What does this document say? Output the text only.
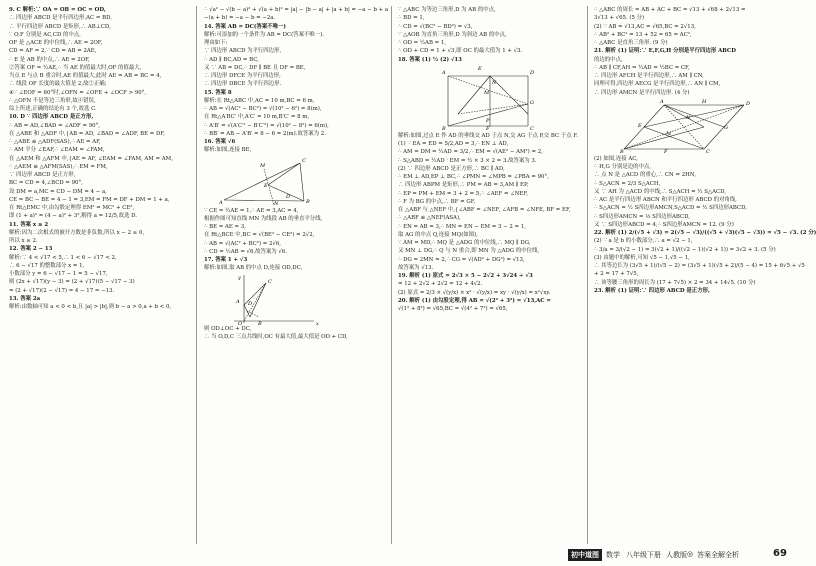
9. C 解析:∵ OA = OB = OC = OD,
∴ 四边形 ABCD 是平行四边形,AC = BD,
∴ 平行四边形 ABCD 是矩形,∴ AB⊥CD,
∵ O,F 分别是 AC,CD 的中点,
OF 是 △ACE 的中位线,∴ AE = 2OF,
CD = AF = 2,∵ CD = AB = 2AE,
∴ E 是 AB 的中点,∴ AE = 2OF,
②答案 OF = ½AE,∴ 当 AE 的值最大时,OF 的值最大,
当点 E 与点 B 重合时,AE 的值最大,此时 AE = AB = BC = 4,
∴ 线段 OF 长度的最大值是 2,故②正确;
④∵ ∠EOF = 60°时,∠OFN = ∠OFE + ∠OCF > 90°,
∴ △OFN 不是等边三角形,故④错误,
综上所述,正确的结论有 3 个,故选 C.
10. D ∵ 四边形 ABCD 是正方形,
∴ AB = AD,∠BAD = ∠ADF = 90°,
在 △ABE 和 △ADF 中,{AB = AD, ∠BAD = ∠ADF, BE = DF,
∴ △ABE ≌ △ADF(SAS),∴ AE = AF,
∴ AM 平分 ∠EAF,∴ ∠EAM = ∠FAM,
在 △AEM 和 △AFM 中,{AE = AF, ∠EAM = ∠FAM, AM = AM,
∴ △AEM ≌ △AFM(SAS),∴ EM = FM,
∵ 四边形 ABCD 是正方形,
BC = CD = 4,∠BCD = 90°,
设 DM = a,MC = CD − DM = 4 − a,
CE = BC − BE = 4 − 1 = 3,EM = FM = DF + DM = 1 + a,
在 Rt△EMC 中,由勾股定理得 EM² = MC² + CE²,
即 (1 + a)² = (4 − a)² + 3²,解得 a = 12/5,故选 D.
11. 答案 x ≥ 2
解析:因为二次根式的被开方数是非负数,所以 x − 2 ≥ 0,
所以 x ≥ 2.
12. 答案 2 − 13
解析:∵ 4 < √17 < 5,∴ 1 < 6 − √17 < 2,
∴ 6 − √17 的整数部分 x = 1,
小数部分 y = 6 − √17 − 1 = 5 − √17,
则 (2x + √17)(y − 3) = (2 + √17)(5 − √17 − 3)
= (2 + √17)(2 − √17) = 4 − 17 = −13.
13. 答案 2a
解析:由数轴可知 a < 0 < b,且 |a| > |b|,则 b − a > 0,a + b < 0,
∴ √a² − √(b − a)² + √(a + b)² = |a| − |b − a| + |a + b| = −a − b + a
−(a + b) = −a − b = −2a.
14. 答案 AB = DC(答案不唯一)
解析:可添加的一个条件为 AB = DC(答案不唯一).
理由如下:
∵ 四边形 ABCD 为平行四边形,
∴ AD ∥ BC,AD = BC,
又 ∵ AB = DC,∴ DF ∥ BE 且 DF = BE,
∴ 四边形 DFCE 为平行四边形,
∴ 四边形 DBCE 为平行四边形.
15. 答案 8
解析:在 Rt△ABC 中,AC = 10 m,BC = 6 m,
∴ AB = √(AC² − BC²) = √(10² − 6²) = 8(m),
在 Rt△A′BC′ 中,A′C′ = 10 m,B′C′ = 8 m,
∴ A′B′ = √(A′C′² − B′C′²) = √(10² − 8²) = 6(m),
∴ BB′ = AB − A′B′ = 8 − 6 = 2(m).故答案为 2.
16. 答案 √6
解析:如图,连接 BE,
M
C
E
N
A
D
B
∵ CE = ½AE = 1,∴ AE = 3,AC = 4,
根据作图可知直线 MN 为线段 AB 的垂直平分线,
∴ BE = AE = 3,
在 Rt△BCE 中,BC = √(BE² − CE²) = 2√2,
∴ AB = √(AC² + BC²) = 2√6,
∴ CD = ½AB = √6,故答案为 √6.
17. 答案 1 + √3
解析:如图,取 AB 的中点 D,连接 OD,DC,
y
C
A D
O	B	x
则 OD⊥OC + DC,
∴ 当 O,D,C 三点共线时,OC 有最大值,最大值是 OD + CD,
∵ △ABC 为等边三角形,D 为 AB 的中点,
∴ BD = 1,
∴ CD = √(BC² − BD²) = √3,
∵ △AOB 为直角三角形,D 为斜边 AB 的中点,
∴ OD = ½AB = 1,
∴ OD + CD = 1 + √3,即 OC 的最大值为 1 + √3.
18. 答案 (1) ½ (2) √13
A
E
D
N
M
P
G
B	F	C
解析:如图,过点 E 作 AD 的垂线交 AD 于点 N,交 AG 于点 P,交 BC 于点 F.
(1) ∵ EA = ED = 5/2,AD = 3,∴ EN ⊥ AD,
∴ AM = DM = ½AD = 3/2,∴ EM = √(AE² − AM²) = 2,
∴ S△ABD = ½AD · EM = ½ × 3 × 2 = 3.故答案为 3.
(2) ∵ 四边形 ABCD 是正方形,∴ BC ∥ AD,
∴ EM ⊥ AD,EP ⊥ BC,∴ ∠PMN = ∠MPB = ∠PBA = 90°,
∴ 四边形 ABPM 是矩形,∴ PM = AB = 3,AM ∥ EP,
∴ EP = PM + EM = 3 + 2 = 5,∴ ∠AEF = ∠NEF,
∴ F 为 BG 的中点,∴ BF = GF,
在 △ABF 与 △NEF 中,{∠ABF = ∠NEF, ∠AFB = ∠NFE, BF = EF,
∴ △ABF ≌ △NEF(ASA),
∴ EN = AB = 3,∴ MN = EN − EM = 3 − 2 = 1,
取 AG 的中点 Q,连接 MQ(如图),
∵ AM = MD,∴ MQ 是 △ADG 的中位线,∴ MQ ∥ DG,
又 MN ⊥ DG,∴ Q 与 N 重合,即 MN 为 △ADG 的中位线,
∴ DG = 2MN = 2,∴ CG = √(AD² + DG²) = √13,
故答案为 √13.
19. 解析 (1) 原式 = 2√3 × 5 − 2√2 + 3√24 ÷ √3
= 12 + 2√2 + 2√2 = 12 + 4√2.
(2) 原式 = 2/3 × √(y/x) × x² · √(y/x) = xy · √(y/x) = x²√xy.
20. 解析 (1) 由勾股定理,得 AB = √(2² + 3²) = √13,AC =
√(1² + 8²) = √65,BC = √(4² + 7²) = √65,
∴ △ABC 的周长 = AB + AC + BC = √13 + √68 + 2√13 =
3√13 + √65. (5 分)
(2) ∵ AB = √13,AC = √65,BC = 2√13,
∴ AB² + BC² = 13 + 52 = 65 = AC²,
∴ △ABC 是直角三角形. (9 分)
21. 解析 (1) 证明:∵ E,F,G,H 分别是平行四边形 ABCD
的边的中点,
∴ AB ∥ CF,AH = ½AD = ½BC = CF,
∴ 四边形 AFCH 是平行四边形,∴ AM ∥ CN,
同理可得,四边形 AECG 是平行四边形,∴ AN ∥ CM,
∴ 四边形 AMCN 是平行四边形. (4 分)
A	H	D
E
N
G
M
B	F	C
(2) 如图,连接 AC,
∴ H,G 分别是边的中点,
∴ 点 N 是 △ACD 的重心,∴ CN = 2HN,
∴ S△ACN = 2/3 S△ACH,
又 ∵ AH 为 △ACD 的中线,∴ S△ACH = ½ S△ACD,
∴ AC 是平行四边形 ABCN 和平行四边形 ABCD 的对角线,
∴ S△ACN = ½ S四边形AMCN,S△ACD = ½ S四边形ABCD,
∴ S四边形AMCN = ⅓ S四边形ABCD,
又 ∵ S四边形ABCD = 4,∴ S四边形AMCN = 12. (9 分)
22. 解析 (1) 2/(√5 + √3) = 2(√5 − √3)/((√5 + √3)(√5 − √3)) = √5 − √3. (2 分)
(2) ∵ a 是 b 的小数部分,∴ a = √2 − 1,
∴ 3/a = 3/(√2 − 1) = 3(√2 + 1)/((√2 − 1)(√2 + 1)) = 3√2 + 3. (5 分)
(3) 由题中的解析,可知 √5 − 1,√5 − 1,
∴ 其等边长为 (3√5 + 1)/(√5 − 2) = (3√5 + 1)(√5 + 2)/(5 − 4) = 15 + 6√5 + √5
+ 2 = 17 + 7√5,
∴ 该等腰三角形的周长为 (17 + 7√5) × 2 = 34 + 14√5. (10 分)
23. 解析 (1) 证明:∵ 四边形 ABCD 是正方形,
初中道图	数学 八年级下册 人教版 ◎ 答案全解全析	69
